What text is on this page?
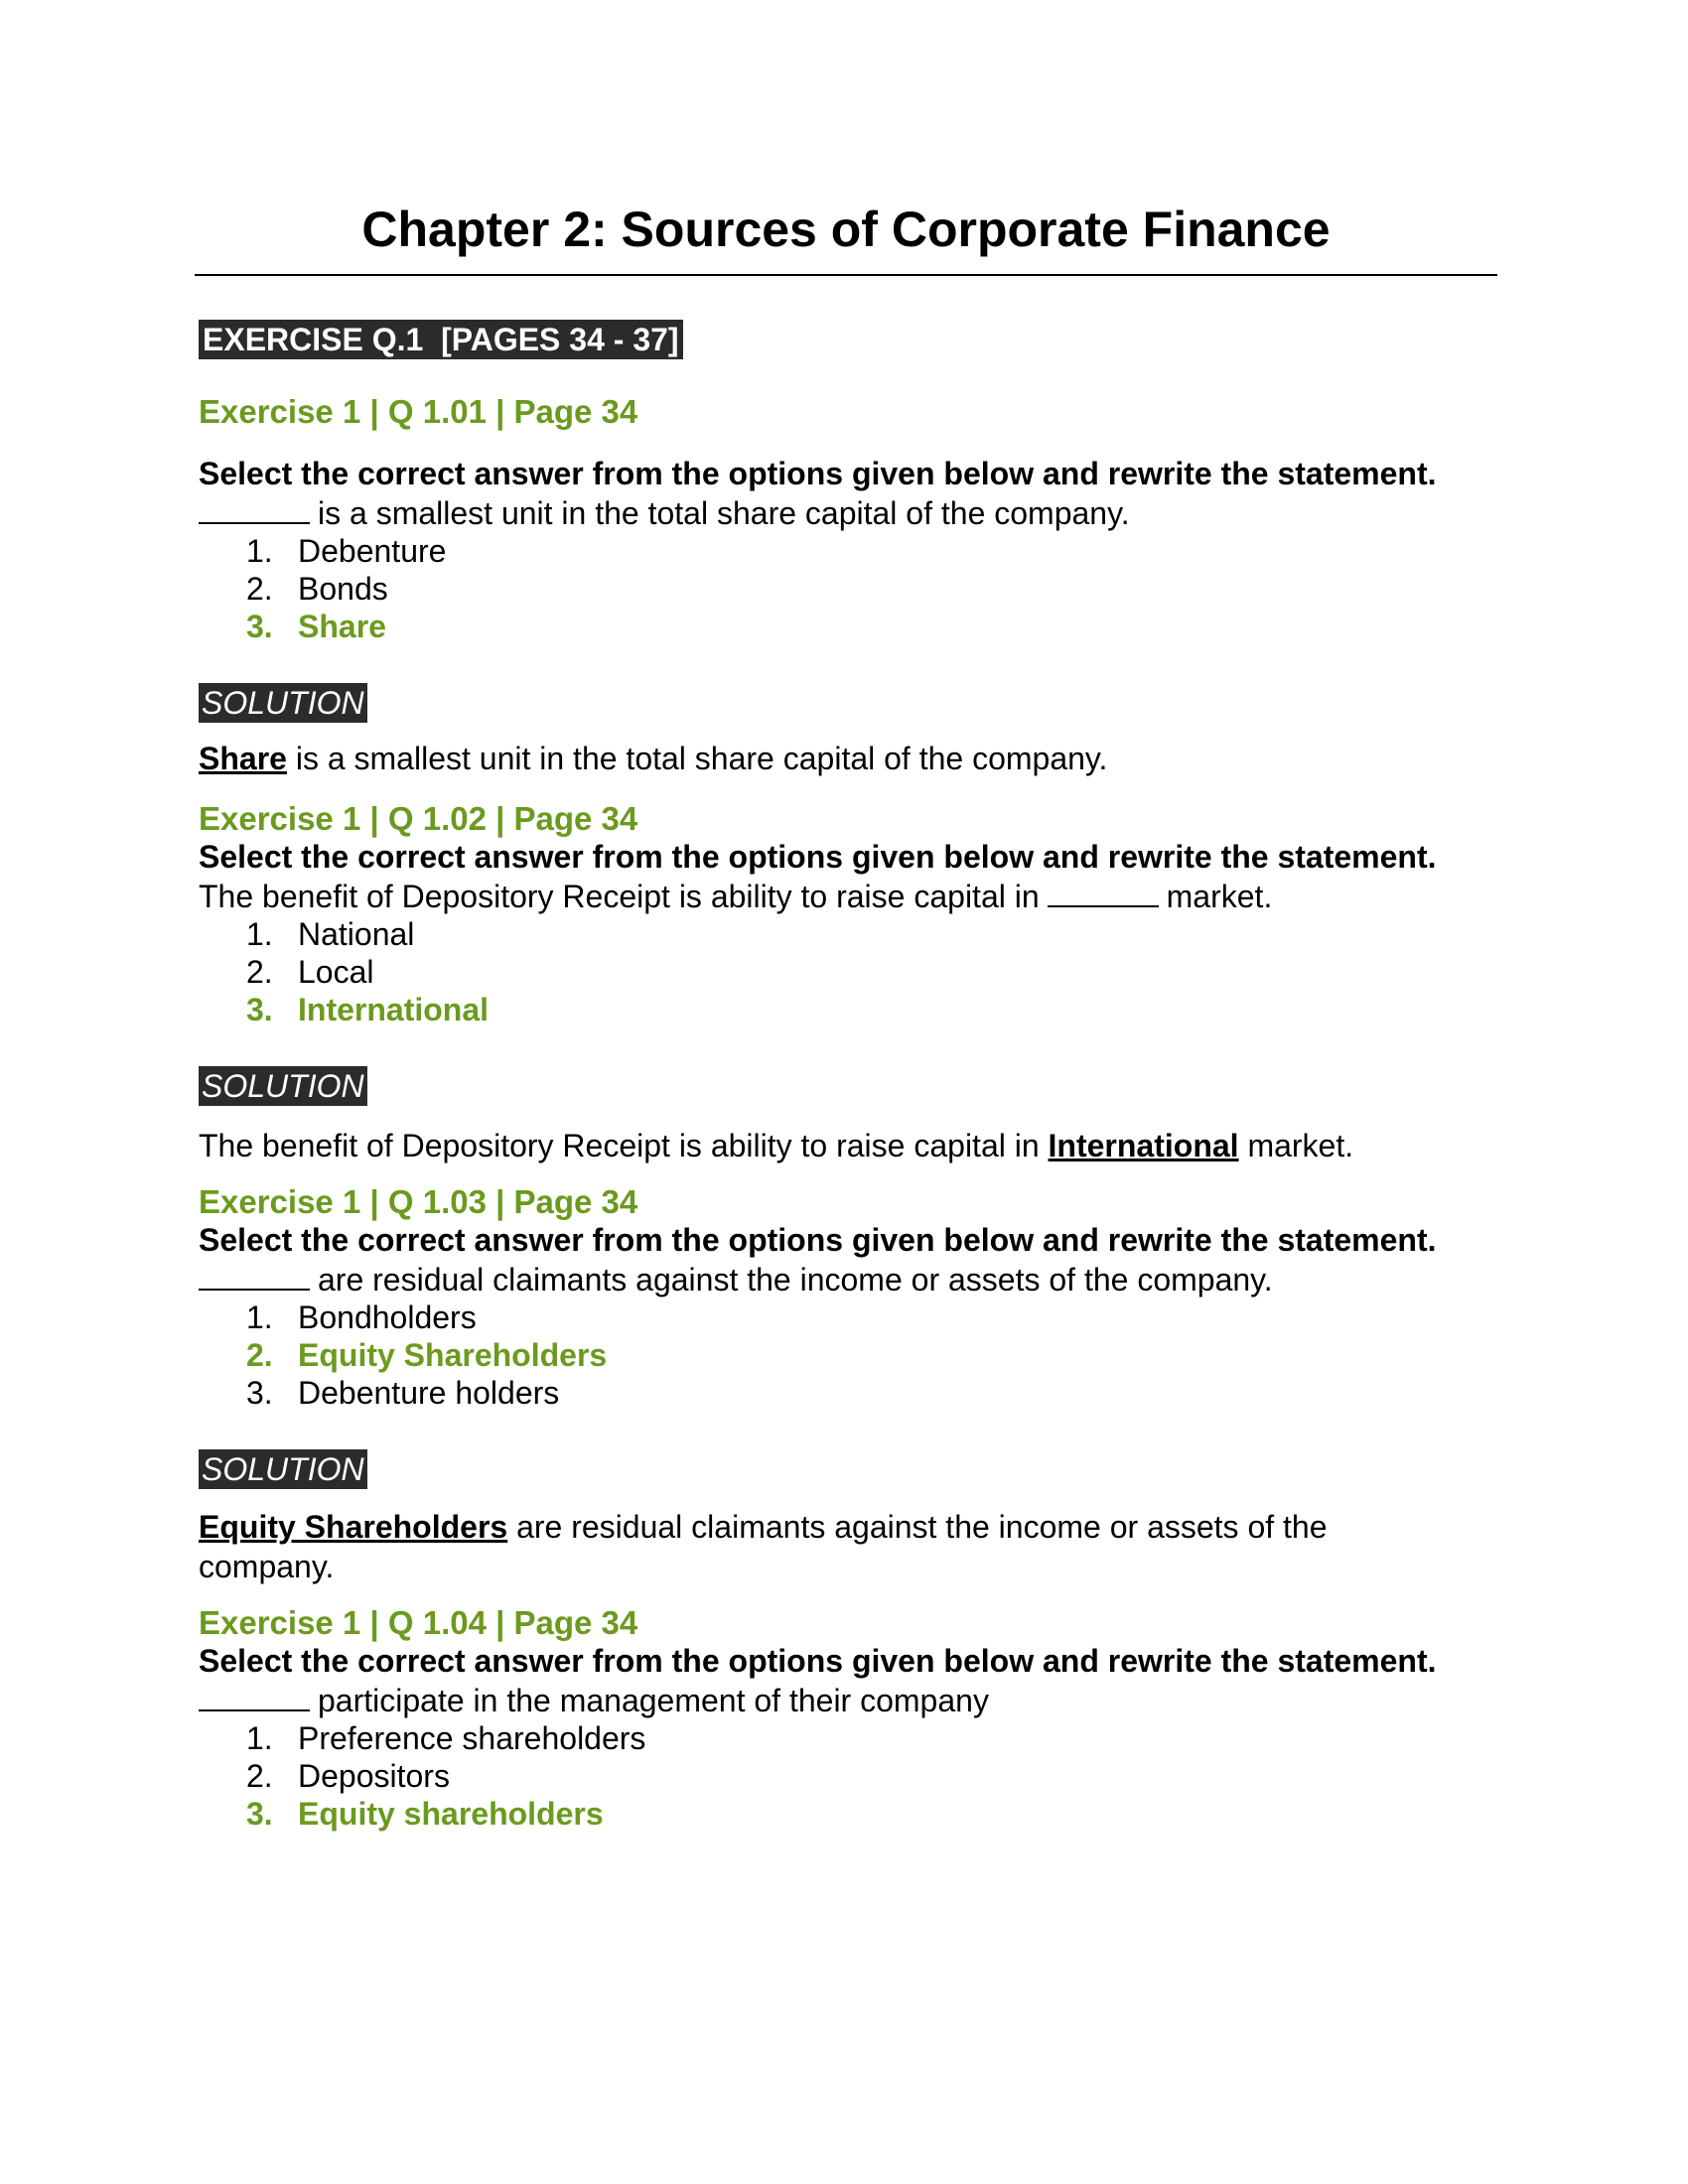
Chapter 2: Sources of Corporate Finance
EXERCISE Q.1  [PAGES 34 - 37]
Exercise 1 | Q 1.01 | Page 34
Select the correct answer from the options given below and rewrite the statement.
is a smallest unit in the total share capital of the company.
1. Debenture
2. Bonds
3. Share
SOLUTION
Share is a smallest unit in the total share capital of the company.
Exercise 1 | Q 1.02 | Page 34
Select the correct answer from the options given below and rewrite the statement.
The benefit of Depository Receipt is ability to raise capital in	market.
1. National
2. Local
3. International
SOLUTION
The benefit of Depository Receipt is ability to raise capital in International market.
Exercise 1 | Q 1.03 | Page 34
Select the correct answer from the options given below and rewrite the statement.
are residual claimants against the income or assets of the company.
1. Bondholders
2. Equity Shareholders
3. Debenture holders
SOLUTION
Equity Shareholders are residual claimants against the income or assets of the company.
Exercise 1 | Q 1.04 | Page 34
Select the correct answer from the options given below and rewrite the statement.
participate in the management of their company
1. Preference shareholders
2. Depositors
3. Equity shareholders
